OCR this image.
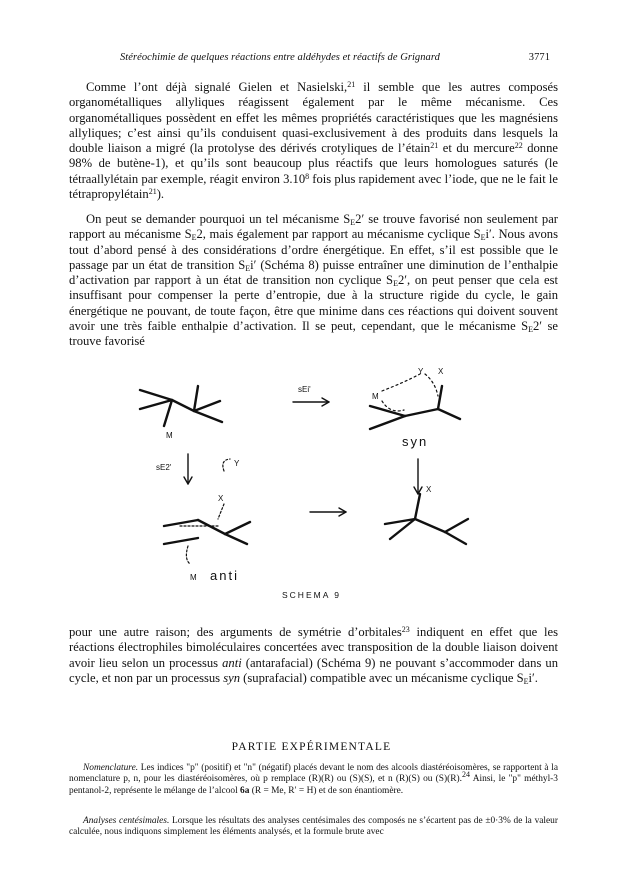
Stéréochimie de quelques réactions entre aldéhydes et réactifs de Grignard	3771

Comme l’ont déjà signalé Gielen et Nasielski,$^{21}$ il semble que les autres composés organométalliques allyliques réagissent également par le même mécanisme. Ces organométalliques possèdent en effet les mêmes propriétés caractéristiques que les magnésiens allyliques; c’est ainsi qu’ils conduisent quasi-exclusivement à des produits dans lesquels la double liaison a migré (la protolyse des dérivés crotyliques de l’étain$^{21}$ et du mercure$^{22}$ donne 98% de butène-1), et qu’ils sont beaucoup plus réactifs que leurs homologues saturés (le tétraallylétain par exemple, réagit environ 3.10$^8$ fois plus rapidement avec l’iode, que ne le fait le tétrapropylétain$^{21}$).

On peut se demander pourquoi un tel mécanisme $S_E2'$ se trouve favorisé non seulement par rapport au mécanisme $S_E2$, mais également par rapport au mécanisme cyclique $S_Ei'$. Nous avons tout d’abord pensé à des considérations d’ordre énergétique. En effet, s’il est possible que le passage par un état de transition $S_Ei'$ (Schéma 8) puisse entraîner une diminution de l’enthalpie d’activation par rapport à un état de transition non cyclique $S_E2'$, on peut penser que cela est insuffisant pour compenser la perte d’entropie, due à la structure rigide du cycle, le gain énergétique ne pouvant, de toute façon, être que minime dans ces réactions qui doivent souvent avoir une très faible enthalpie d’activation. Il se peut, cependant, que le mécanisme $S_E2'$ se trouve favorisé

sEi'
M
M
Y X
syn
sE2'
X
Y
M anti
X
SCHEMA 9

pour une autre raison; des arguments de symétrie d’orbitales$^{23}$ indiquent en effet que les réactions électrophiles bimoléculaires concertées avec transposition de la double liaison doivent avoir lieu selon un processus anti (antarafacial) (Schéma 9) ne pouvant s’accommoder dans un cycle, et non par un processus syn (suprafacial) compatible avec un mécanisme cyclique $S_Ei'$.

PARTIE EXPÉRIMENTALE

Nomenclature. Les indices "p" (positif) et "n" (négatif) placés devant le nom des alcools diastéréoisomères, se rapportent à la nomenclature p, n, pour les diastéréoisomères, où p remplace (R)(R) ou (S)(S), et n (R)(S) ou (S)(R).$^{24}$ Ainsi, le "p" méthyl-3 pentanol-2, représente le mélange de l’alcool 6a (R = Me, R′ = H) et de son énantiomère.

Analyses centésimales. Lorsque les résultats des analyses centésimales des composés ne s’écartent pas de ±0·3% de la valeur calculée, nous indiquons simplement les éléments analysés, et la formule brute avec
